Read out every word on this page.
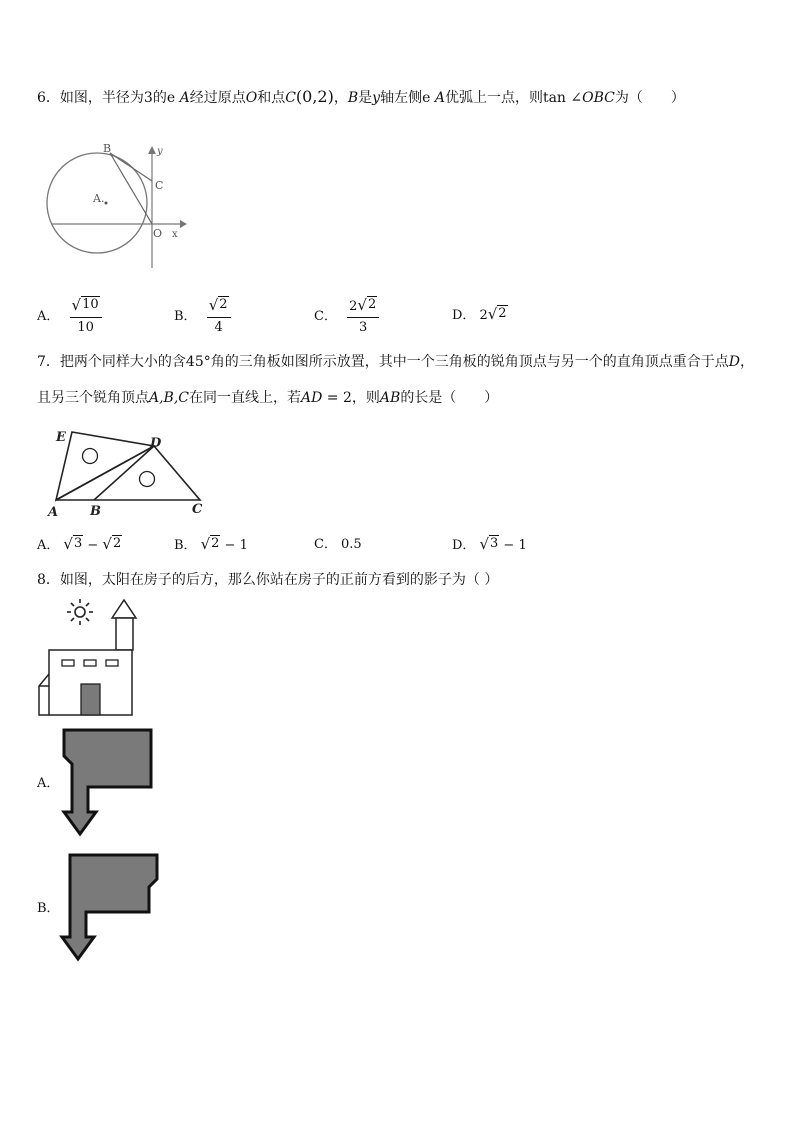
6．如图，半径为3的e A经过原点O和点C(0,2)，B是y轴左侧e A优弧上一点，则tan ∠OBC为（　　）
B	y
C
A.
O x
A． $\frac{√ 10}{10}$	B． $\frac{√ 2}{4}$	C． $\frac{2 √ 2}{3}$	D． 2 √ 2
7．把两个同样大小的含45°角的三角板如图所示放置，其中一个三角板的锐角顶点与另一个的直角顶点重合于点D，
且另三个锐角顶点A,B,C在同一直线上，若AD = 2，则AB的长是（　　）
E	D
A B	C
A． √ 3 − √ 2	B． √ 2 − 1	C． 0.5	D． √ 3 − 1
8．如图，太阳在房子的后方，那么你站在房子的正前方看到的影子为（ ）
A．
B．
